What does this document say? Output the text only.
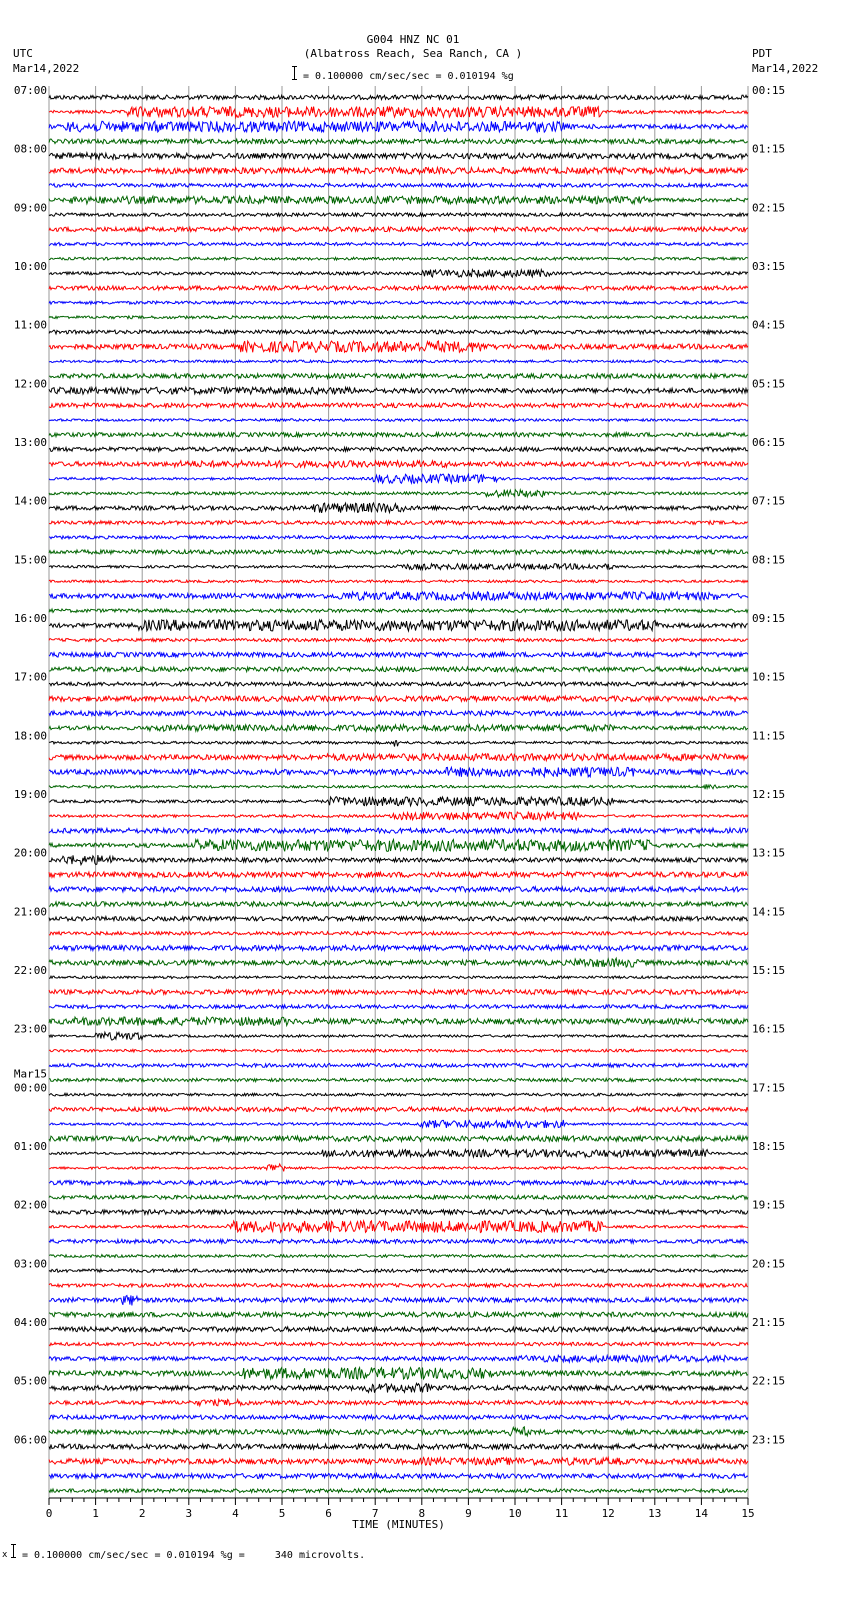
G004 HNZ NC 01
(Albatross Reach, Sea Ranch, CA )
UTC
Mar14,2022
PDT
Mar14,2022
= 0.100000 cm/sec/sec = 0.010194 %g
07:00
08:00
09:00
10:00
11:00
12:00
13:00
14:00
15:00
16:00
17:00
18:00
19:00
20:00
21:00
22:00
23:00
00:00
01:00
02:00
03:00
04:00
05:00
06:00
00:15
01:15
02:15
03:15
04:15
05:15
06:15
07:15
08:15
09:15
10:15
11:15
12:15
13:15
14:15
15:15
16:15
17:15
18:15
19:15
20:15
21:15
22:15
23:15
Mar15
0	1	2	3	4	5	6	7	8	9	10	11	12	13	14	15
TIME (MINUTES)
x = 0.100000 cm/sec/sec = 0.010194 %g =     340 microvolts.
